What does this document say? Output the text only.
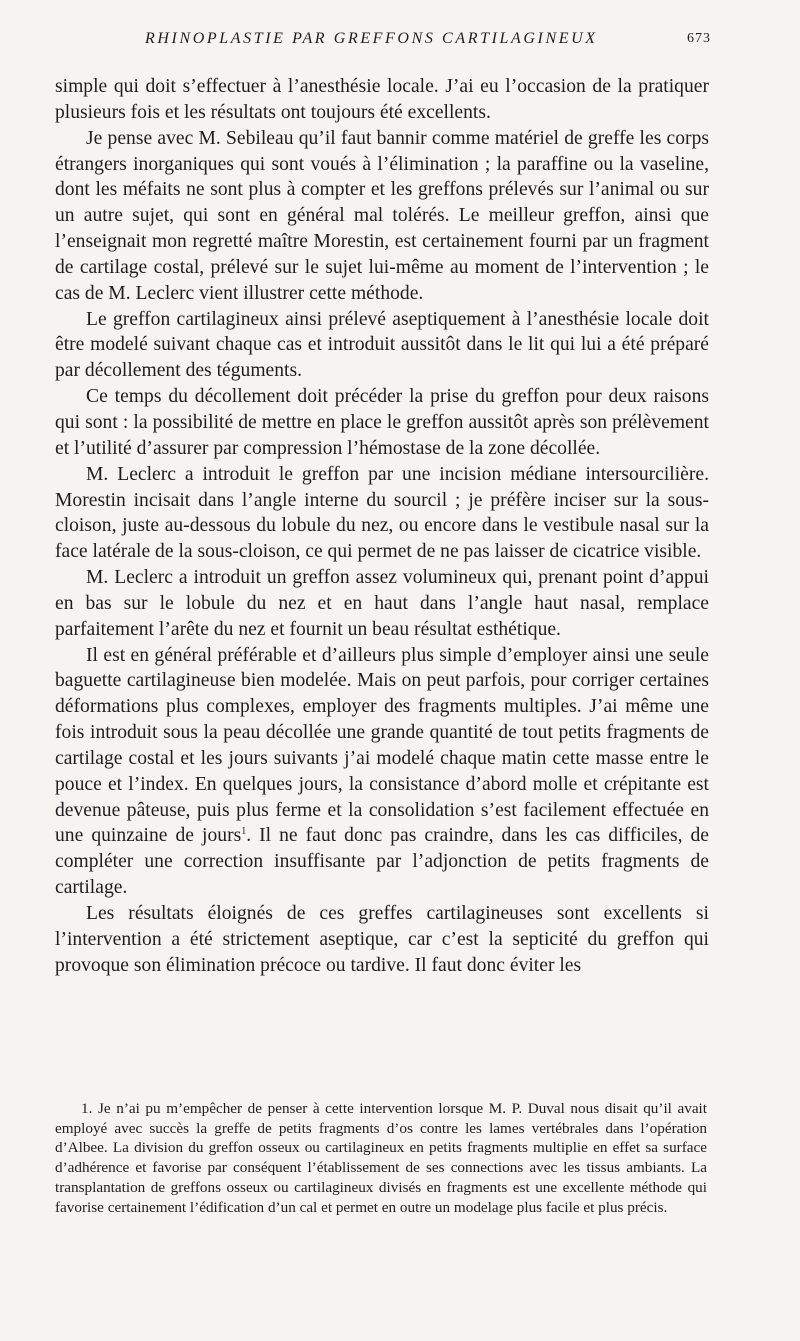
RHINOPLASTIE PAR GREFFONS CARTILAGINEUX	673

simple qui doit s’effectuer à l’anesthésie locale. J’ai eu l’occasion de la pratiquer plusieurs fois et les résultats ont toujours été excellents.

Je pense avec M. Sebileau qu’il faut bannir comme matériel de greffe les corps étrangers inorganiques qui sont voués à l’élimination ; la paraffine ou la vaseline, dont les méfaits ne sont plus à compter et les greffons prélevés sur l’animal ou sur un autre sujet, qui sont en général mal tolérés. Le meilleur greffon, ainsi que l’enseignait mon regretté maître Morestin, est certainement fourni par un fragment de cartilage costal, prélevé sur le sujet lui-même au moment de l’intervention ; le cas de M. Leclerc vient illustrer cette méthode.

Le greffon cartilagineux ainsi prélevé aseptiquement à l’anesthésie locale doit être modelé suivant chaque cas et introduit aussitôt dans le lit qui lui a été préparé par décollement des téguments.

Ce temps du décollement doit précéder la prise du greffon pour deux raisons qui sont : la possibilité de mettre en place le greffon aussitôt après son prélèvement et l’utilité d’assurer par compression l’hémostase de la zone décollée.

M. Leclerc a introduit le greffon par une incision médiane intersourcilière. Morestin incisait dans l’angle interne du sourcil ; je préfère inciser sur la sous-cloison, juste au-dessous du lobule du nez, ou encore dans le vestibule nasal sur la face latérale de la sous-cloison, ce qui permet de ne pas laisser de cicatrice visible.

M. Leclerc a introduit un greffon assez volumineux qui, prenant point d’appui en bas sur le lobule du nez et en haut dans l’angle haut nasal, remplace parfaitement l’arête du nez et fournit un beau résultat esthétique.

Il est en général préférable et d’ailleurs plus simple d’employer ainsi une seule baguette cartilagineuse bien modelée. Mais on peut parfois, pour corriger certaines déformations plus complexes, employer des fragments multiples. J’ai même une fois introduit sous la peau décollée une grande quantité de tout petits fragments de cartilage costal et les jours suivants j’ai modelé chaque matin cette masse entre le pouce et l’index. En quelques jours, la consistance d’abord molle et crépitante est devenue pâteuse, puis plus ferme et la consolidation s’est facilement effectuée en une quinzaine de jours$^1$. Il ne faut donc pas craindre, dans les cas difficiles, de compléter une correction insuffisante par l’adjonction de petits fragments de cartilage.

Les résultats éloignés de ces greffes cartilagineuses sont excellents si l’intervention a été strictement aseptique, car c’est la septicité du greffon qui provoque son élimination précoce ou tardive. Il faut donc éviter les

1. Je n’ai pu m’empêcher de penser à cette intervention lorsque M. P. Duval nous disait qu’il avait employé avec succès la greffe de petits fragments d’os contre les lames vertébrales dans l’opération d’Albee. La division du greffon osseux ou cartilagineux en petits fragments multiplie en effet sa surface d’adhérence et favorise par conséquent l’établissement de ses connections avec les tissus ambiants. La transplantation de greffons osseux ou cartilagineux divisés en fragments est une excellente méthode qui favorise certainement l’édification d’un cal et permet en outre un modelage plus facile et plus précis.
